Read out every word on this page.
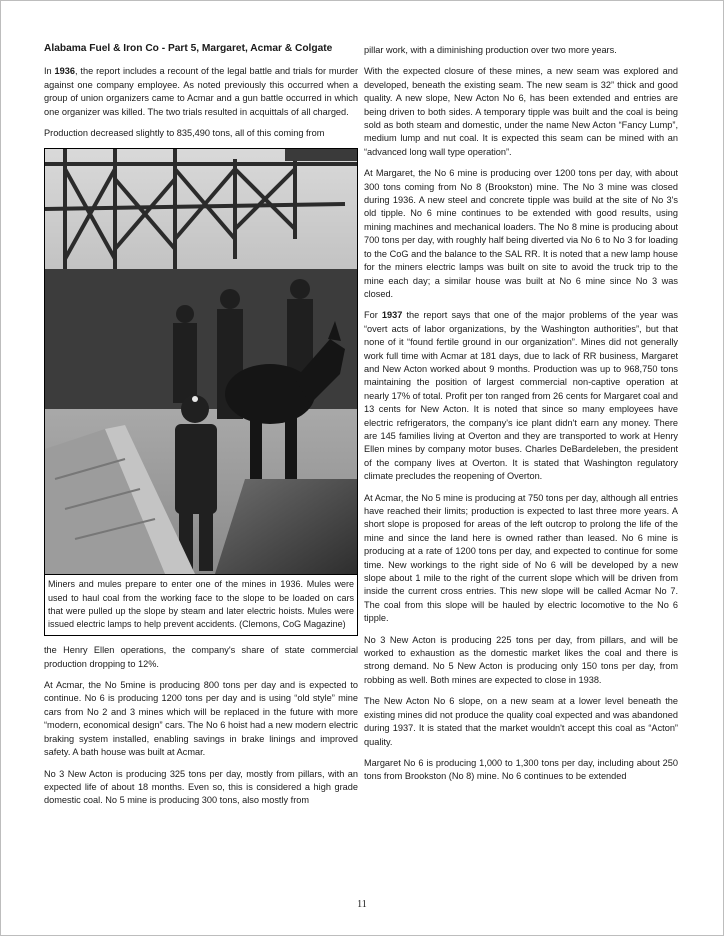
Alabama Fuel & Iron Co - Part 5, Margaret, Acmar & Colgate

In 1936, the report includes a recount of the legal battle and trials for murder against one company employee. As noted previously this occurred when a group of union organizers came to Acmar and a gun battle occurred in which one organizer was killed. The two trials resulted in acquittals of all charged.

Production decreased slightly to 835,490 tons, all of this coming from

Miners and mules prepare to enter one of the mines in 1936. Mules were used to haul coal from the working face to the slope to be loaded on cars that were pulled up the slope by steam and later electric hoists. Mules were issued electric lamps to help prevent accidents. (Clemons, CoG Magazine)

the Henry Ellen operations, the company's share of state commercial production dropping to 12%.

At Acmar, the No 5mine is producing 800 tons per day and is expected to continue. No 6 is producing 1200 tons per day and is using “old style” mine cars from No 2 and 3 mines which will be replaced in the future with more “modern, economical design” cars. The No 6 hoist had a new modern electric braking system installed, enabling savings in brake linings and improved safety. A bath house was built at Acmar.

No 3 New Acton is producing 325 tons per day, mostly from pillars, with an expected life of about 18 months. Even so, this is considered a high grade domestic coal. No 5 mine is producing 300 tons, also mostly from

pillar work, with a diminishing production over two more years.

With the expected closure of these mines, a new seam was explored and developed, beneath the existing seam. The new seam is 32” thick and good quality. A new slope, New Acton No 6, has been extended and entries are being driven to both sides. A temporary tipple was built and the coal is being sold as both steam and domestic, under the name New Acton “Fancy Lump”, medium lump and nut coal. It is expected this seam can be mined with an “advanced long wall type operation”.

At Margaret, the No 6 mine is producing over 1200 tons per day, with about 300 tons coming from No 8 (Brookston) mine. The No 3 mine was closed during 1936. A new steel and concrete tipple was build at the site of No 3's old tipple. No 6 mine continues to be extended with good results, using mining machines and mechanical loaders. The No 8 mine is producing about 700 tons per day, with roughly half being diverted via No 6 to No 3 for loading to the CoG and the balance to the SAL RR. It is noted that a new lamp house for the miners electric lamps was built on site to avoid the truck trip to the mine each day; a similar house was built at No 6 mine since No 3 was closed.

For 1937 the report says that one of the major problems of the year was “overt acts of labor organizations, by the Washington authorities”, but that none of it “found fertile ground in our organization”. Mines did not generally work full time with Acmar at 181 days, due to lack of RR business, Margaret and New Acton worked about 9 months. Production was up to 968,750 tons maintaining the position of largest commercial non-captive operation at nearly 17% of total. Profit per ton ranged from 26 cents for Margaret coal and 13 cents for New Acton. It is noted that since so many employees have electric refrigerators, the company's ice plant didn't earn any money. There are 145 families living at Overton and they are transported to work at Henry Ellen mines by company motor buses. Charles DeBardeleben, the president of the company lives at Overton. It is stated that Washington regulatory climate precludes the reopening of Overton.

At Acmar, the No 5 mine is producing at 750 tons per day, although all entries have reached their limits; production is expected to last three more years. A short slope is proposed for areas of the left outcrop to prolong the life of the mine and since the land here is owned rather than leased. No 6 mine is producing at a rate of 1200 tons per day, and expected to continue for some time. New workings to the right side of No 6 will be developed by a new slope about 1 mile to the right of the current slope which will be driven from inside the current cross entries. This new slope will be called Acmar No 7. The coal from this slope will be hauled by electric locomotive to the No 6 tipple.

No 3 New Acton is producing 225 tons per day, from pillars, and will be worked to exhaustion as the domestic market likes the coal and there is strong demand. No 5 New Acton is producing only 150 tons per day, from robbing as well. Both mines are expected to close in 1938.

The New Acton No 6 slope, on a new seam at a lower level beneath the existing mines did not produce the quality coal expected and was abandoned during 1937. It is stated that the market wouldn't accept this coal as “Acton” quality.

Margaret No 6 is producing 1,000 to 1,300 tons per day, including about 250 tons from Brookston (No 8) mine. No 6 continues to be extended

11
